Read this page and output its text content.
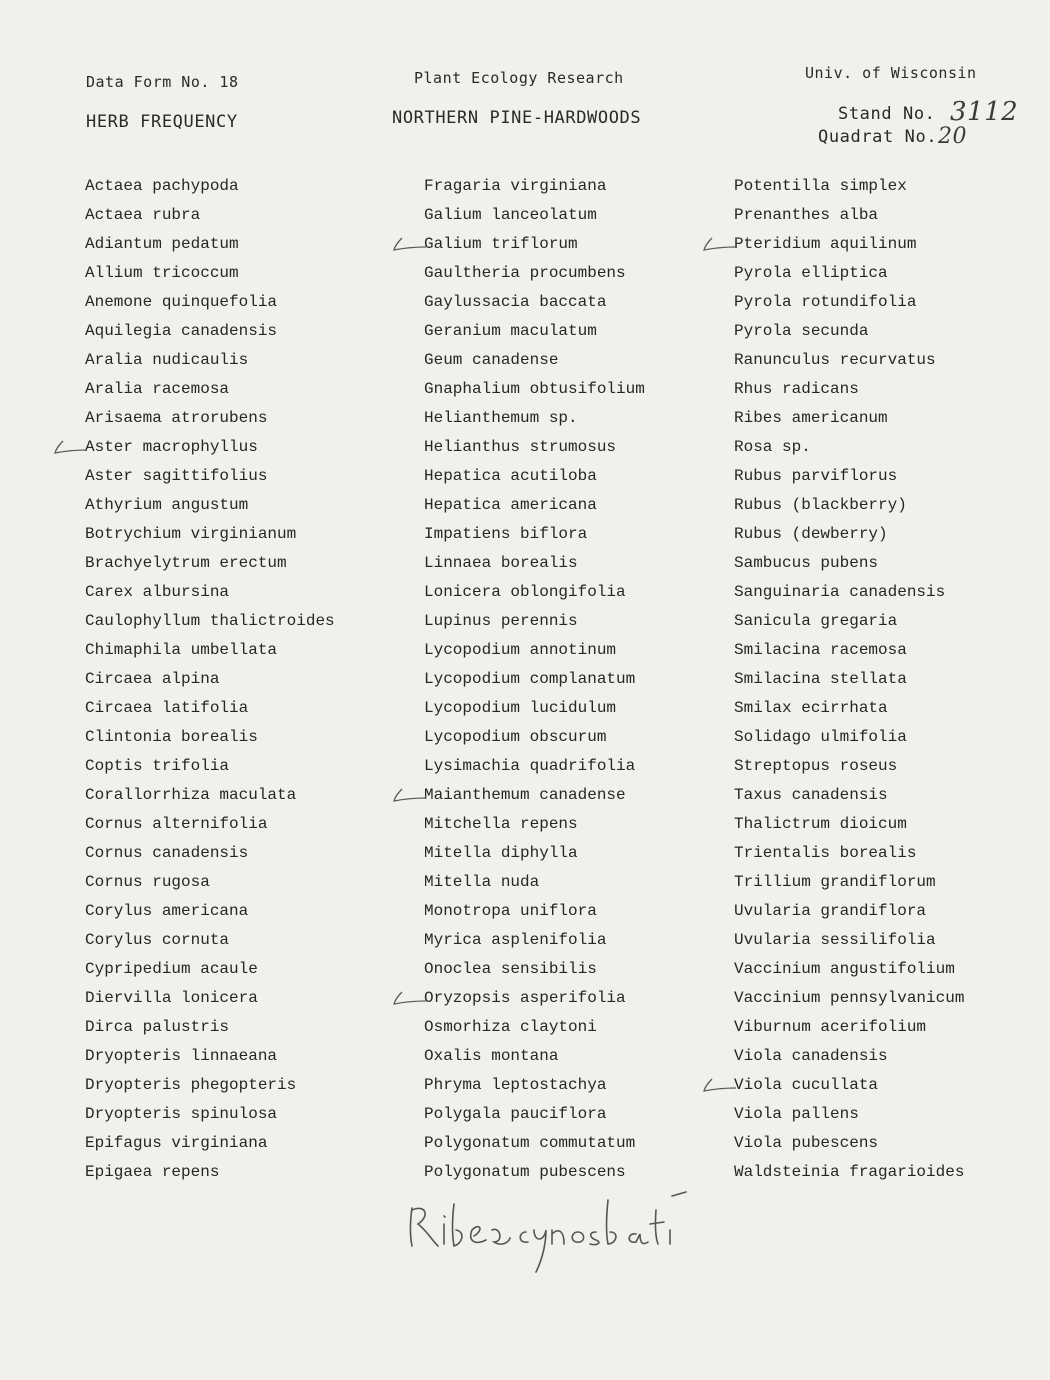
Data Form No. 18	Plant Ecology Research	Univ. of Wisconsin
HERB FREQUENCY	NORTHERN PINE-HARDWOODS	Stand No. 3112
Quadrat No. 20
Actaea pachypoda
Actaea rubra
Adiantum pedatum
Allium tricoccum
Anemone quinquefolia
Aquilegia canadensis
Aralia nudicaulis
Aralia racemosa
Arisaema atrorubens
Aster macrophyllus
Aster sagittifolius
Athyrium angustum
Botrychium virginianum
Brachyelytrum erectum
Carex albursina
Caulophyllum thalictroides
Chimaphila umbellata
Circaea alpina
Circaea latifolia
Clintonia borealis
Coptis trifolia
Corallorrhiza maculata
Cornus alternifolia
Cornus canadensis
Cornus rugosa
Corylus americana
Corylus cornuta
Cypripedium acaule
Diervilla lonicera
Dirca palustris
Dryopteris linnaeana
Dryopteris phegopteris
Dryopteris spinulosa
Epifagus virginiana
Epigaea repens
Fragaria virginiana
Galium lanceolatum
Galium triflorum
Gaultheria procumbens
Gaylussacia baccata
Geranium maculatum
Geum canadense
Gnaphalium obtusifolium
Helianthemum sp.
Helianthus strumosus
Hepatica acutiloba
Hepatica americana
Impatiens biflora
Linnaea borealis
Lonicera oblongifolia
Lupinus perennis
Lycopodium annotinum
Lycopodium complanatum
Lycopodium lucidulum
Lycopodium obscurum
Lysimachia quadrifolia
Maianthemum canadense
Mitchella repens
Mitella diphylla
Mitella nuda
Monotropa uniflora
Myrica asplenifolia
Onoclea sensibilis
Oryzopsis asperifolia
Osmorhiza claytoni
Oxalis montana
Phryma leptostachya
Polygala pauciflora
Polygonatum commutatum
Polygonatum pubescens
Potentilla simplex
Prenanthes alba
Pteridium aquilinum
Pyrola elliptica
Pyrola rotundifolia
Pyrola secunda
Ranunculus recurvatus
Rhus radicans
Ribes americanum
Rosa sp.
Rubus parviflorus
Rubus (blackberry)
Rubus (dewberry)
Sambucus pubens
Sanguinaria canadensis
Sanicula gregaria
Smilacina racemosa
Smilacina stellata
Smilax ecirrhata
Solidago ulmifolia
Streptopus roseus
Taxus canadensis
Thalictrum dioicum
Trientalis borealis
Trillium grandiflorum
Uvularia grandiflora
Uvularia sessilifolia
Vaccinium angustifolium
Vaccinium pennsylvanicum
Viburnum acerifolium
Viola canadensis
Viola cucullata
Viola pallens
Viola pubescens
Waldsteinia fragarioides
